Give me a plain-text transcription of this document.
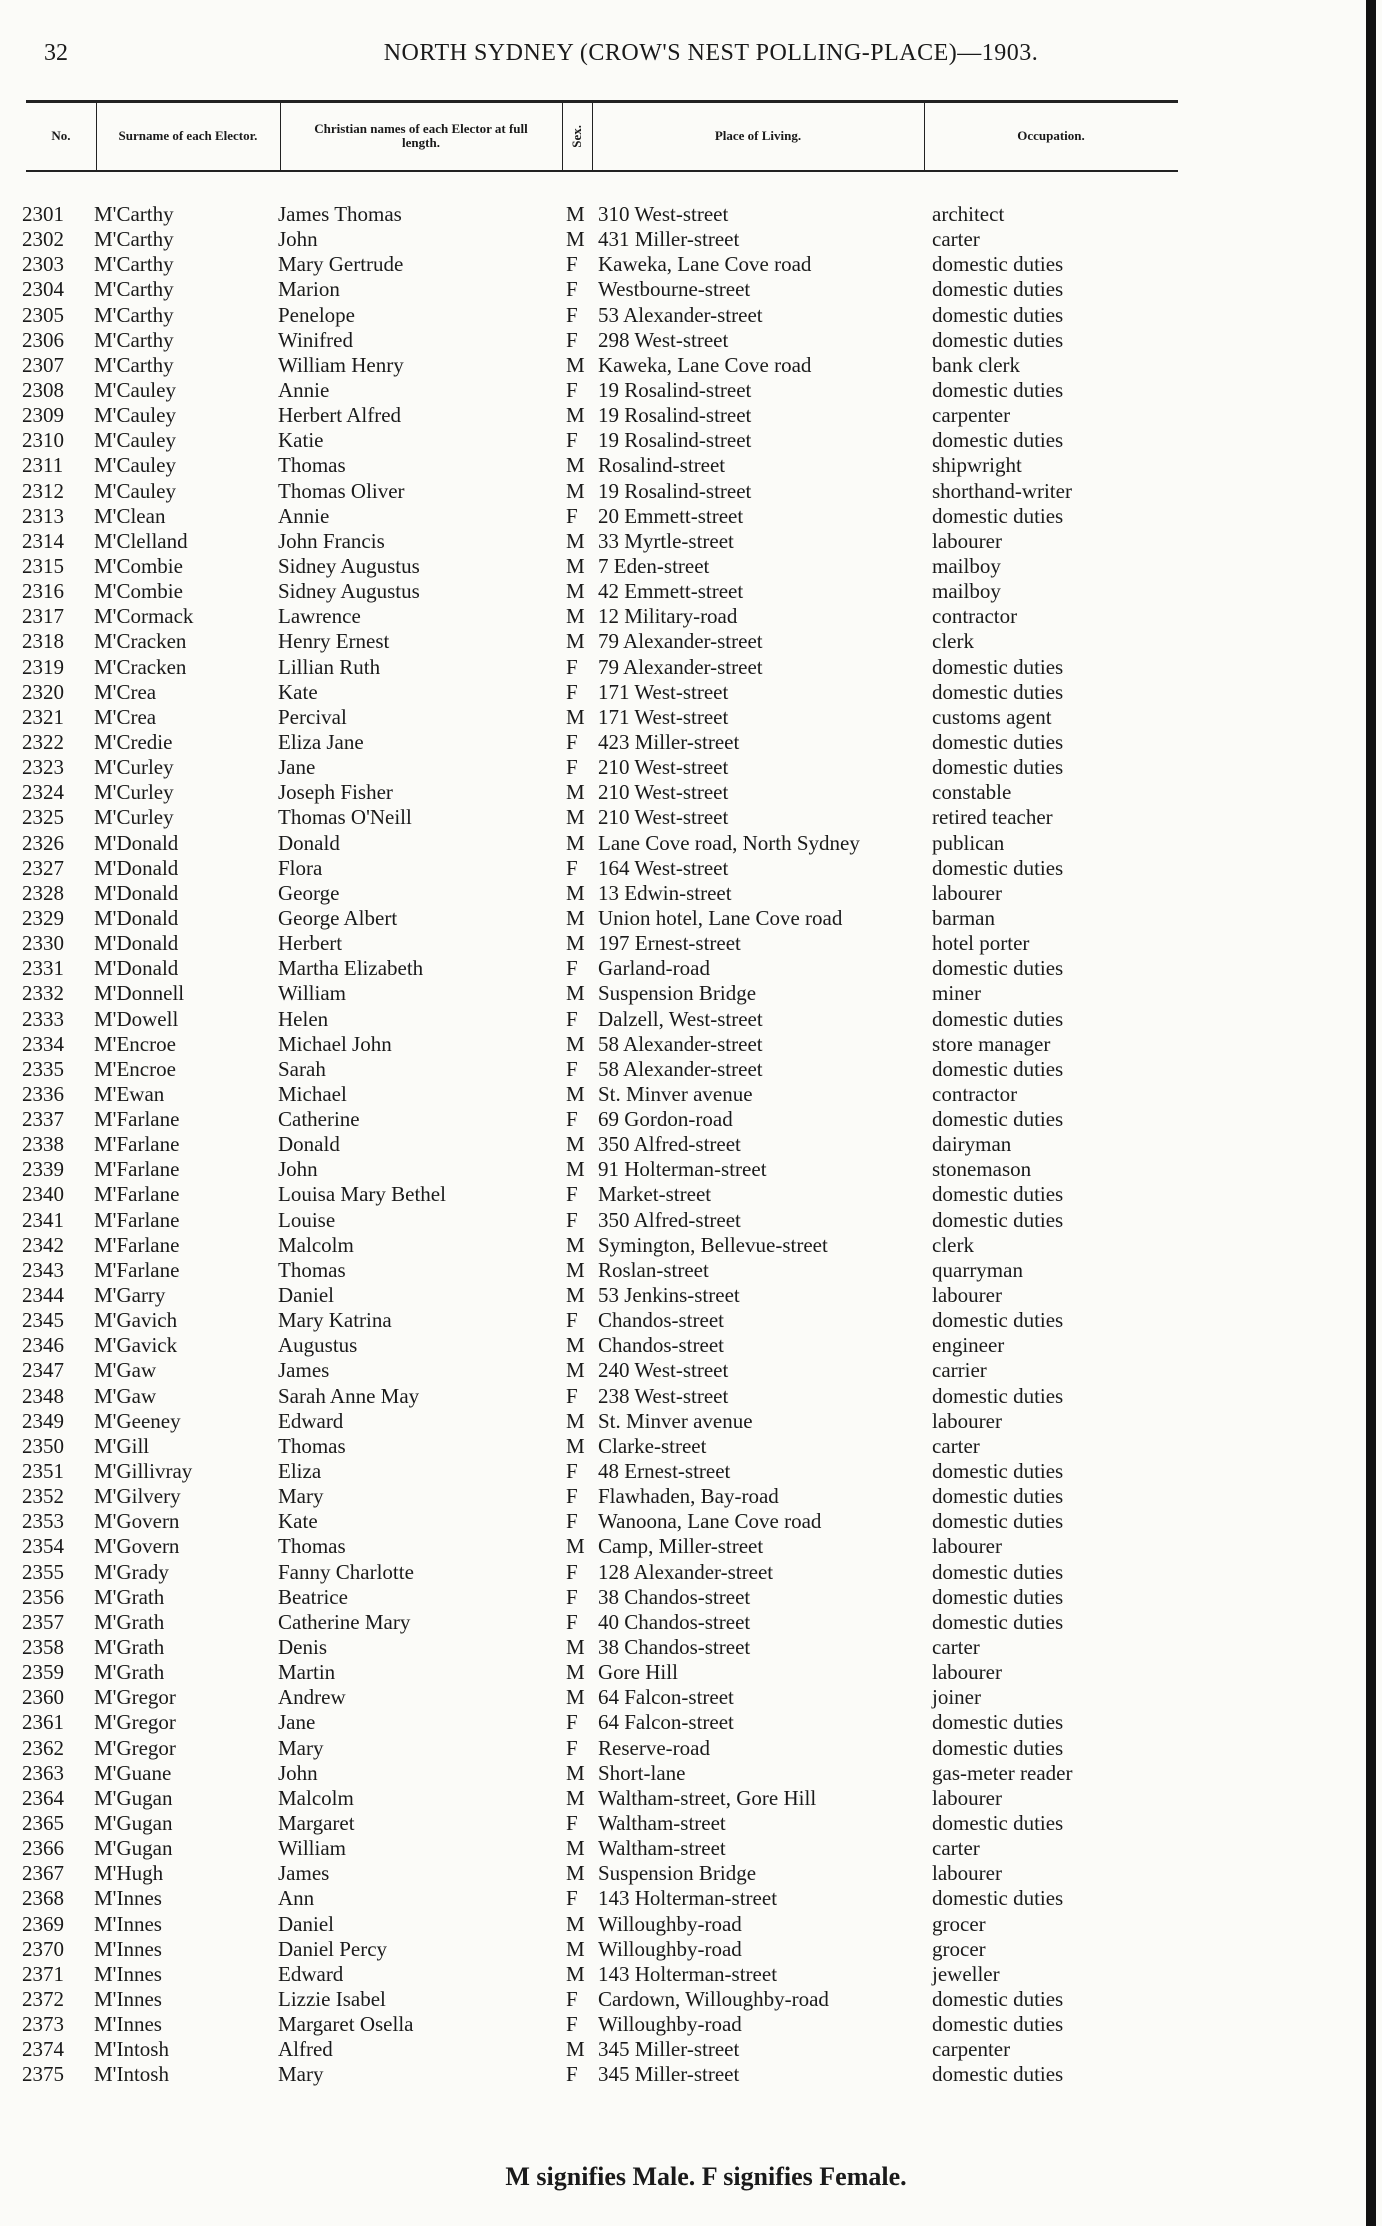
32	NORTH SYDNEY (CROW'S NEST POLLING-PLACE)—1903.
No.	Surname of each Elector.	Christian names of each Elector at full length.	Sex.	Place of Living.	Occupation.
2301 M'Carthy	James Thomas	M 310 West-street	architect
2302 M'Carthy	John	M 431 Miller-street	carter
2303 M'Carthy	Mary Gertrude	F Kaweka, Lane Cove road	domestic duties
2304 M'Carthy	Marion	F Westbourne-street	domestic duties
2305 M'Carthy	Penelope	F 53 Alexander-street	domestic duties
2306 M'Carthy	Winifred	F 298 West-street	domestic duties
2307 M'Carthy	William Henry	M Kaweka, Lane Cove road	bank clerk
2308 M'Cauley	Annie	F 19 Rosalind-street	domestic duties
2309 M'Cauley	Herbert Alfred	M 19 Rosalind-street	carpenter
2310 M'Cauley	Katie	F 19 Rosalind-street	domestic duties
2311 M'Cauley	Thomas	M Rosalind-street	shipwright
2312 M'Cauley	Thomas Oliver	M 19 Rosalind-street	shorthand-writer
2313 M'Clean	Annie	F 20 Emmett-street	domestic duties
2314 M'Clelland	John Francis	M 33 Myrtle-street	labourer
2315 M'Combie	Sidney Augustus	M 7 Eden-street	mailboy
2316 M'Combie	Sidney Augustus	M 42 Emmett-street	mailboy
2317 M'Cormack	Lawrence	M 12 Military-road	contractor
2318 M'Cracken	Henry Ernest	M 79 Alexander-street	clerk
2319 M'Cracken	Lillian Ruth	F 79 Alexander-street	domestic duties
2320 M'Crea	Kate	F 171 West-street	domestic duties
2321 M'Crea	Percival	M 171 West-street	customs agent
2322 M'Credie	Eliza Jane	F 423 Miller-street	domestic duties
2323 M'Curley	Jane	F 210 West-street	domestic duties
2324 M'Curley	Joseph Fisher	M 210 West-street	constable
2325 M'Curley	Thomas O'Neill	M 210 West-street	retired teacher
2326 M'Donald	Donald	M Lane Cove road, North Sydney	publican
2327 M'Donald	Flora	F 164 West-street	domestic duties
2328 M'Donald	George	M 13 Edwin-street	labourer
2329 M'Donald	George Albert	M Union hotel, Lane Cove road	barman
2330 M'Donald	Herbert	M 197 Ernest-street	hotel porter
2331 M'Donald	Martha Elizabeth	F Garland-road	domestic duties
2332 M'Donnell	William	M Suspension Bridge	miner
2333 M'Dowell	Helen	F Dalzell, West-street	domestic duties
2334 M'Encroe	Michael John	M 58 Alexander-street	store manager
2335 M'Encroe	Sarah	F 58 Alexander-street	domestic duties
2336 M'Ewan	Michael	M St. Minver avenue	contractor
2337 M'Farlane	Catherine	F 69 Gordon-road	domestic duties
2338 M'Farlane	Donald	M 350 Alfred-street	dairyman
2339 M'Farlane	John	M 91 Holterman-street	stonemason
2340 M'Farlane	Louisa Mary Bethel	F Market-street	domestic duties
2341 M'Farlane	Louise	F 350 Alfred-street	domestic duties
2342 M'Farlane	Malcolm	M Symington, Bellevue-street	clerk
2343 M'Farlane	Thomas	M Roslan-street	quarryman
2344 M'Garry	Daniel	M 53 Jenkins-street	labourer
2345 M'Gavich	Mary Katrina	F Chandos-street	domestic duties
2346 M'Gavick	Augustus	M Chandos-street	engineer
2347 M'Gaw	James	M 240 West-street	carrier
2348 M'Gaw	Sarah Anne May	F 238 West-street	domestic duties
2349 M'Geeney	Edward	M St. Minver avenue	labourer
2350 M'Gill	Thomas	M Clarke-street	carter
2351 M'Gillivray	Eliza	F 48 Ernest-street	domestic duties
2352 M'Gilvery	Mary	F Flawhaden, Bay-road	domestic duties
2353 M'Govern	Kate	F Wanoona, Lane Cove road	domestic duties
2354 M'Govern	Thomas	M Camp, Miller-street	labourer
2355 M'Grady	Fanny Charlotte	F 128 Alexander-street	domestic duties
2356 M'Grath	Beatrice	F 38 Chandos-street	domestic duties
2357 M'Grath	Catherine Mary	F 40 Chandos-street	domestic duties
2358 M'Grath	Denis	M 38 Chandos-street	carter
2359 M'Grath	Martin	M Gore Hill	labourer
2360 M'Gregor	Andrew	M 64 Falcon-street	joiner
2361 M'Gregor	Jane	F 64 Falcon-street	domestic duties
2362 M'Gregor	Mary	F Reserve-road	domestic duties
2363 M'Guane	John	M Short-lane	gas-meter reader
2364 M'Gugan	Malcolm	M Waltham-street, Gore Hill	labourer
2365 M'Gugan	Margaret	F Waltham-street	domestic duties
2366 M'Gugan	William	M Waltham-street	carter
2367 M'Hugh	James	M Suspension Bridge	labourer
2368 M'Innes	Ann	F 143 Holterman-street	domestic duties
2369 M'Innes	Daniel	M Willoughby-road	grocer
2370 M'Innes	Daniel Percy	M Willoughby-road	grocer
2371 M'Innes	Edward	M 143 Holterman-street	jeweller
2372 M'Innes	Lizzie Isabel	F Cardown, Willoughby-road	domestic duties
2373 M'Innes	Margaret Osella	F Willoughby-road	domestic duties
2374 M'Intosh	Alfred	M 345 Miller-street	carpenter
2375 M'Intosh	Mary	F 345 Miller-street	domestic duties
M signifies Male. F signifies Female.
